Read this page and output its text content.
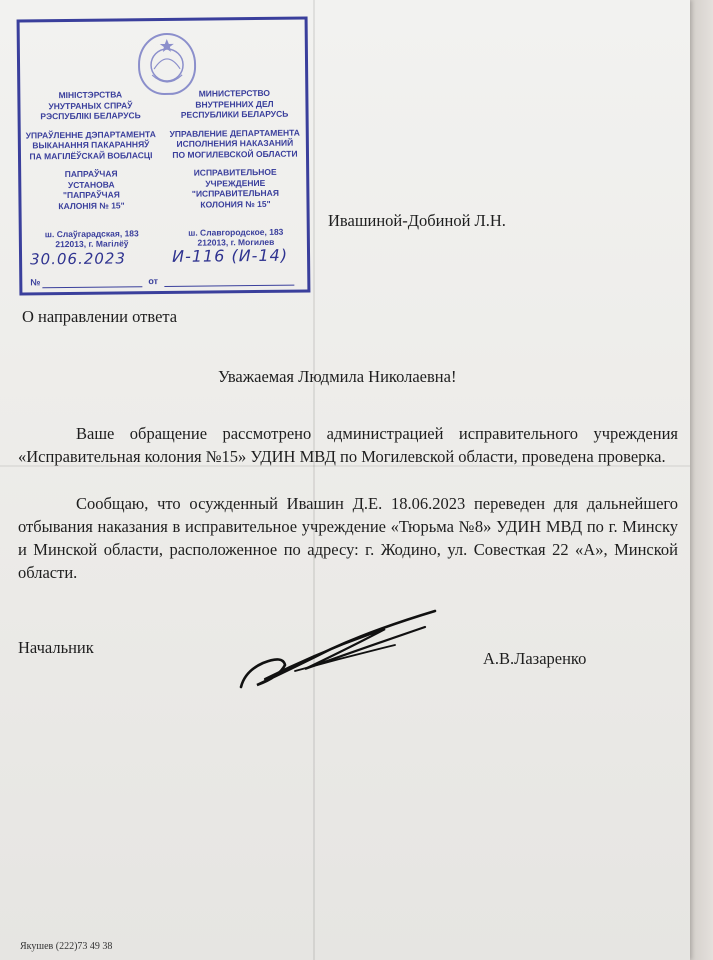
МІНІСТЭРСТВА
УНУТРАНЫХ СПРАЎ
РЭСПУБЛІКІ БЕЛАРУСЬ
УПРАЎЛЕННЕ ДЭПАРТАМЕНТА
ВЫКАНАННЯ ПАКАРАННЯЎ
ПА МАГІЛЁЎСКАЙ ВОБЛАСЦІ
ПАПРАЎЧАЯ
УСТАНОВА
"ПАПРАЎЧАЯ
КАЛОНІЯ № 15"
МИНИСТЕРСТВО
ВНУТРЕННИХ ДЕЛ
РЕСПУБЛИКИ БЕЛАРУСЬ
УПРАВЛЕНИЕ ДЕПАРТАМЕНТА
ИСПОЛНЕНИЯ НАКАЗАНИЙ
ПО МОГИЛЕВСКОЙ ОБЛАСТИ
ИСПРАВИТЕЛЬНОЕ
УЧРЕЖДЕНИЕ
"ИСПРАВИТЕЛЬНАЯ
КОЛОНИЯ № 15"
ш. Слаўгарадская, 183
212013, г. Магілёў
ш. Славгородское, 183
212013, г. Могилев
30.06.2023	И-116 (И-14)
№	от
Ивашиной-Добиной Л.Н.
О направлении ответа
Уважаемая Людмила Николаевна!
Ваше обращение рассмотрено администрацией исправительного учреждения «Исправительная колония №15» УДИН МВД по Могилевской области, проведена проверка.
Сообщаю, что осужденный Ивашин Д.Е. 18.06.2023 переведен для дальнейшего отбывания наказания в исправительное учреждение «Тюрьма №8» УДИН МВД по г. Минску и Минской области, расположенное по адресу: г. Жодино, ул. Совесткая 22 «А», Минской области.
Начальник
А.В.Лазаренко
Якушев (222)73 49 38
